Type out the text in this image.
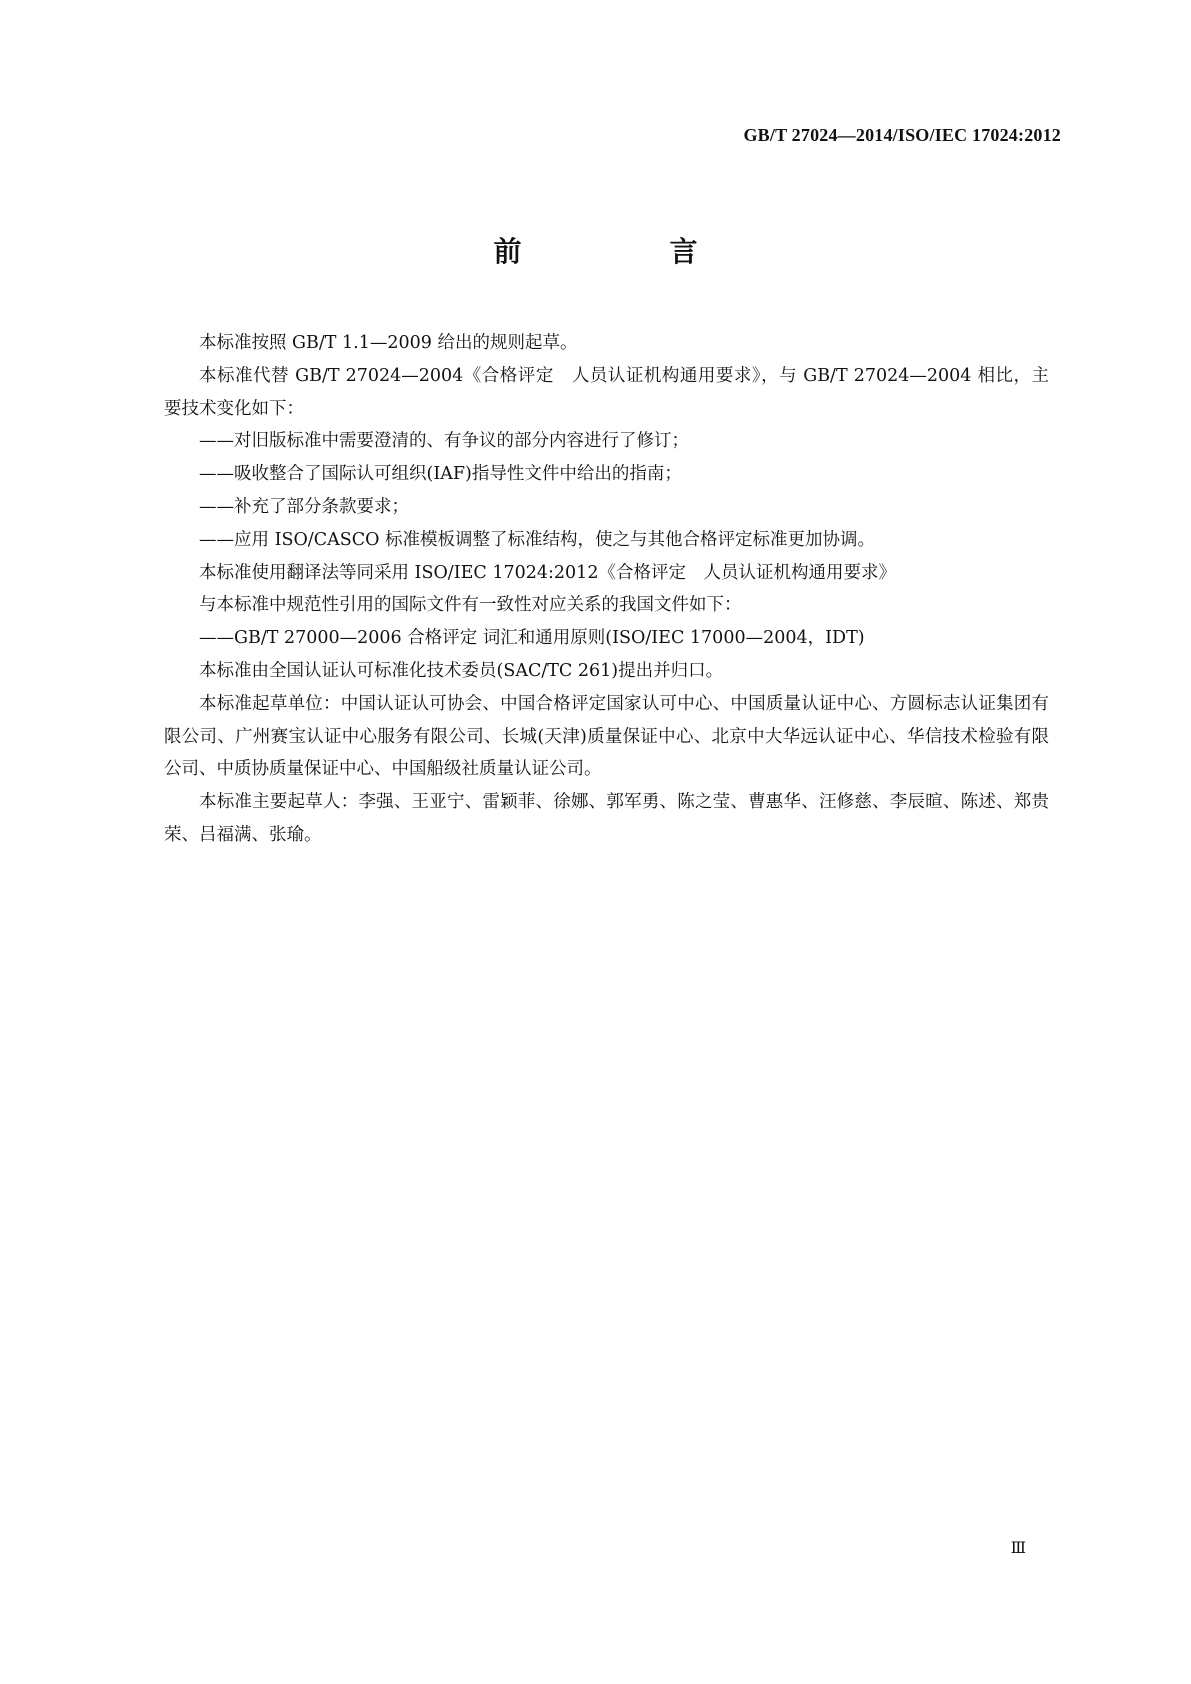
GB/T 27024—2014/ISO/IEC 17024:2012
前　言

本标准按照 GB/T 1.1—2009 给出的规则起草。

本标准代替 GB/T 27024—2004《合格评定　人员认证机构通用要求》，与 GB/T 27024—2004 相比，主要技术变化如下：

——对旧版标准中需要澄清的、有争议的部分内容进行了修订；

——吸收整合了国际认可组织(IAF)指导性文件中给出的指南；

——补充了部分条款要求；

——应用 ISO/CASCO 标准模板调整了标准结构，使之与其他合格评定标准更加协调。

本标准使用翻译法等同采用 ISO/IEC 17024:2012《合格评定　人员认证机构通用要求》

与本标准中规范性引用的国际文件有一致性对应关系的我国文件如下：

——GB/T 27000—2006 合格评定 词汇和通用原则(ISO/IEC 17000—2004，IDT)

本标准由全国认证认可标准化技术委员(SAC/TC 261)提出并归口。

本标准起草单位：中国认证认可协会、中国合格评定国家认可中心、中国质量认证中心、方圆标志认证集团有限公司、广州赛宝认证中心服务有限公司、长城(天津)质量保证中心、北京中大华远认证中心、华信技术检验有限公司、中质协质量保证中心、中国船级社质量认证公司。

本标准主要起草人：李强、王亚宁、雷颖菲、徐娜、郭军勇、陈之莹、曹惠华、汪修慈、李辰暄、陈述、郑贵荣、吕福满、张瑜。

Ⅲ
